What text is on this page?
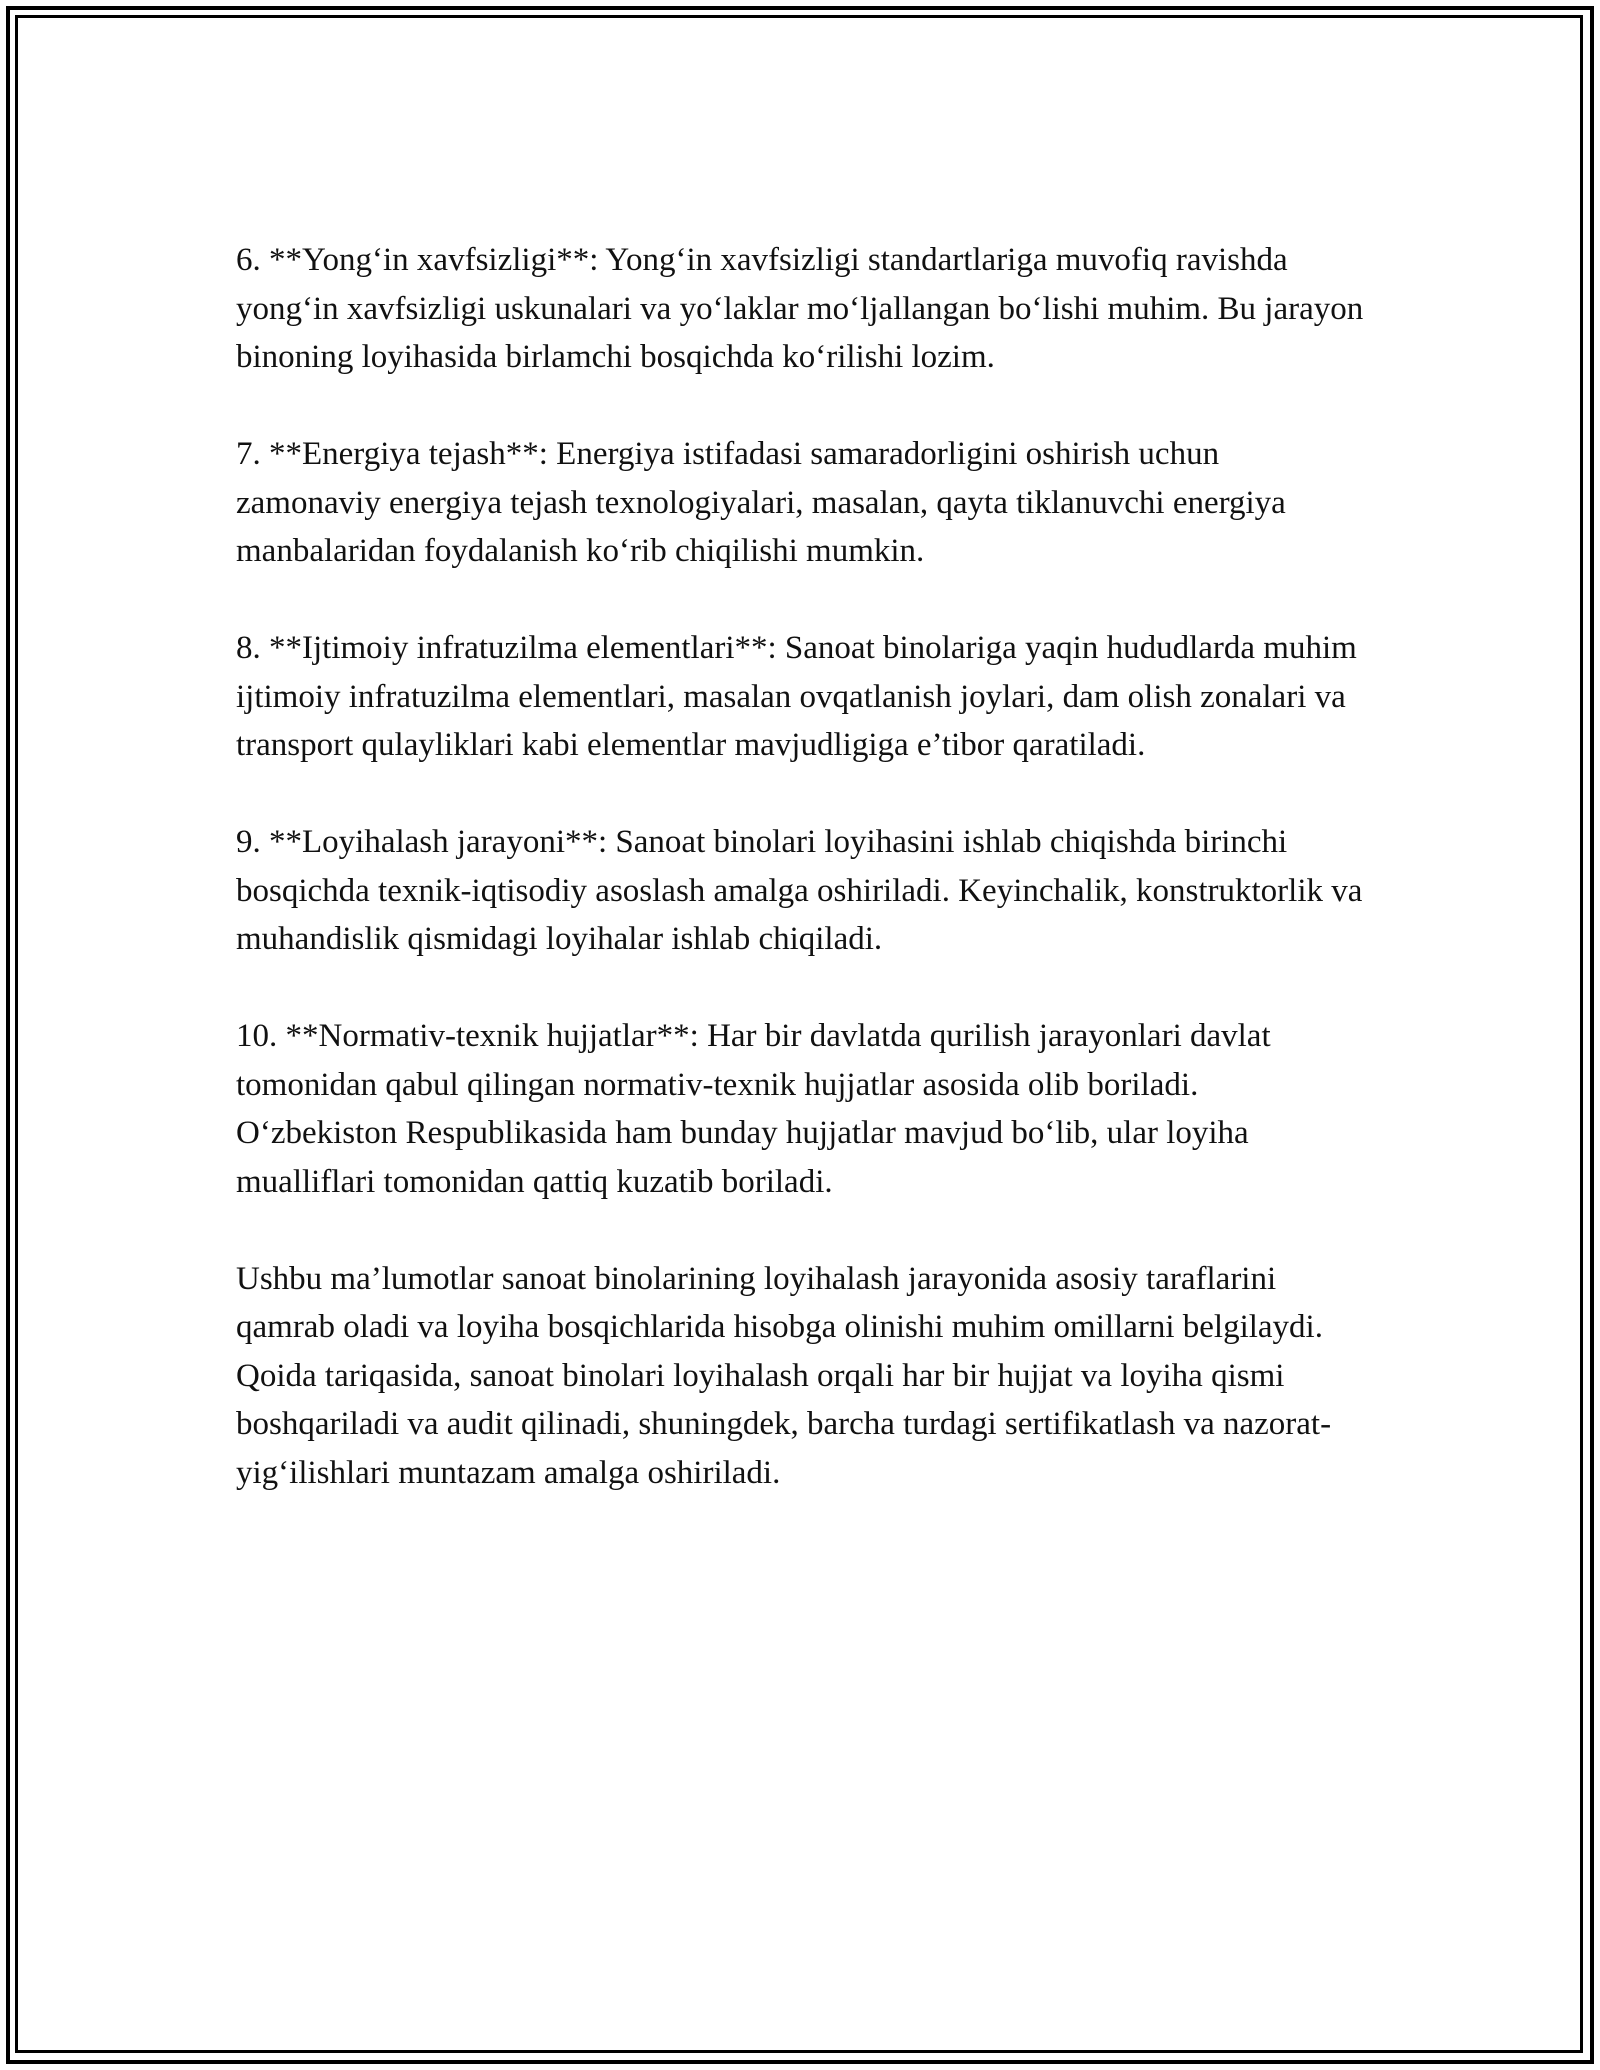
6. **Yong‘in xavfsizligi**: Yong‘in xavfsizligi standartlariga muvofiq ravishda yong‘in xavfsizligi uskunalari va yo‘laklar mo‘ljallangan bo‘lishi muhim. Bu jarayon binoning loyihasida birlamchi bosqichda ko‘rilishi lozim.

7. **Energiya tejash**: Energiya istifadasi samaradorligini oshirish uchun zamonaviy energiya tejash texnologiyalari, masalan, qayta tiklanuvchi energiya manbalaridan foydalanish ko‘rib chiqilishi mumkin.

8. **Ijtimoiy infratuzilma elementlari**: Sanoat binolariga yaqin hududlarda muhim ijtimoiy infratuzilma elementlari, masalan ovqatlanish joylari, dam olish zonalari va transport qulayliklari kabi elementlar mavjudligiga e’tibor qaratiladi.

9. **Loyihalash jarayoni**: Sanoat binolari loyihasini ishlab chiqishda birinchi bosqichda texnik-iqtisodiy asoslash amalga oshiriladi. Keyinchalik, konstruktorlik va muhandislik qismidagi loyihalar ishlab chiqiladi.

10. **Normativ-texnik hujjatlar**: Har bir davlatda qurilish jarayonlari davlat tomonidan qabul qilingan normativ-texnik hujjatlar asosida olib boriladi. O‘zbekiston Respublikasida ham bunday hujjatlar mavjud bo‘lib, ular loyiha mualliflari tomonidan qattiq kuzatib boriladi.

Ushbu ma’lumotlar sanoat binolarining loyihalash jarayonida asosiy taraflarini qamrab oladi va loyiha bosqichlarida hisobga olinishi muhim omillarni belgilaydi. Qoida tariqasida, sanoat binolari loyihalash orqali har bir hujjat va loyiha qismi boshqariladi va audit qilinadi, shuningdek, barcha turdagi sertifikatlash va nazorat-yig‘ilishlari muntazam amalga oshiriladi.
